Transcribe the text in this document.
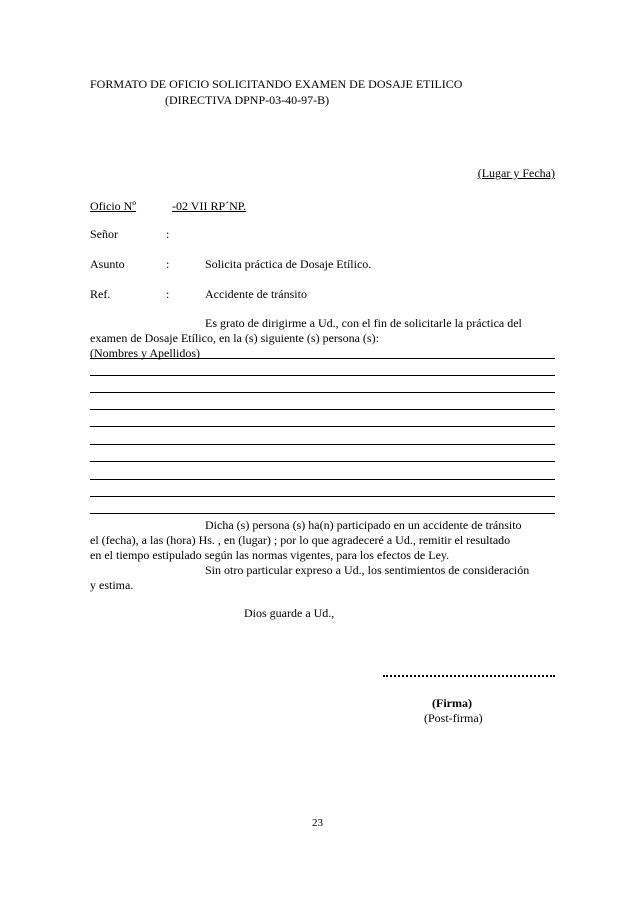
FORMATO DE OFICIO SOLICITANDO EXAMEN DE DOSAJE ETILICO
(DIRECTIVA DPNP-03-40-97-B)
(Lugar y Fecha)
Oficio Nº	-02 VII RP´NP.
Señor	:
Asunto	:	Solicita práctica de Dosaje Etílico.
Ref.	:	Accidente de tránsito
Es grato de dirigirme a Ud., con el fin de solicitarle la práctica del
examen de Dosaje Etílico, en la (s) siguiente (s) persona (s):
(Nombres y Apellidos)
Dicha (s) persona (s) ha(n) participado en un accidente de tránsito
el (fecha), a las (hora) Hs. , en (lugar) ; por lo que agradeceré a Ud., remitir el resultado
en el tiempo estipulado según las normas vigentes, para los efectos de Ley.
Sin otro particular expreso a Ud., los sentimientos de consideración
y estima.
Dios guarde a Ud.,
(Firma)
(Post-firma)
23
